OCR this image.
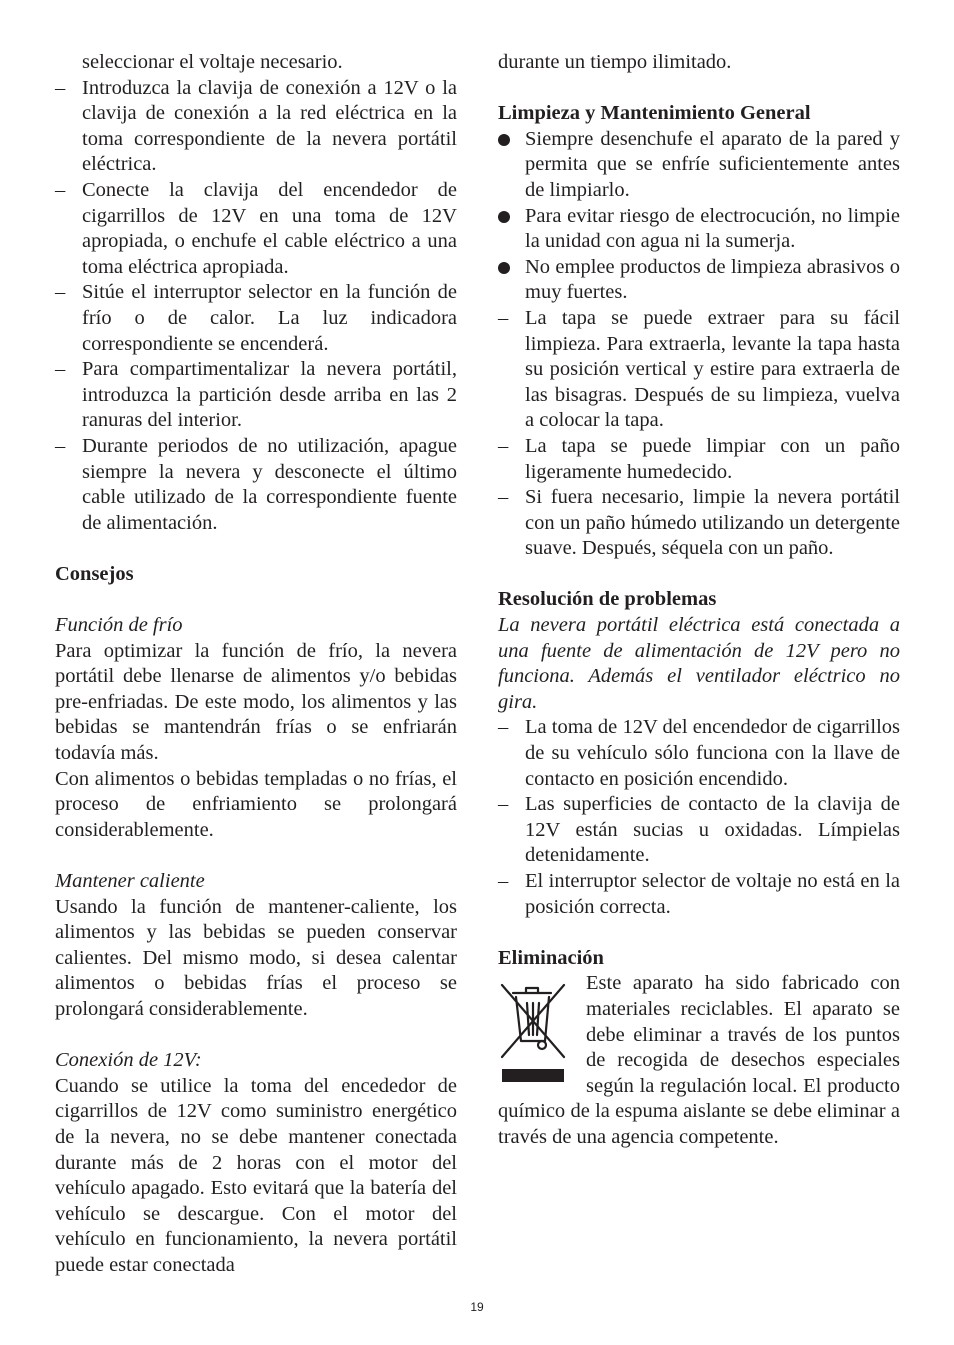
seleccionar el voltaje necesario.

– Introduzca la clavija de conexión a 12V o la clavija de conexión a la red eléctrica en la toma correspondiente de la nevera portátil eléctrica.
– Conecte la clavija del encendedor de cigarrillos de 12V en una toma de 12V apropiada, o enchufe el cable eléctrico a una toma eléctrica apropiada.
– Sitúe el interruptor selector en la función de frío o de calor. La luz indicadora correspondiente se encenderá.
– Para compartimentalizar la nevera portátil, introduzca la partición desde arriba en las 2 ranuras del interior.
– Durante periodos de no utilización, apague siempre la nevera y desconecte el último cable utilizado de la correspondiente fuente de alimentación.

Consejos

Función de frío

Para optimizar la función de frío, la nevera portátil debe llenarse de alimentos y/o bebidas pre-enfriadas. De este modo, los alimentos y las bebidas se mantendrán frías o se enfriarán todavía más.

Con alimentos o bebidas templadas o no frías, el proceso de enfriamiento se prolongará considerablemente.

Mantener caliente

Usando la función de mantener-caliente, los alimentos y las bebidas se pueden conservar calientes. Del mismo modo, si desea calentar alimentos o bebidas frías el proceso se prolongará considerablemente.

Conexión de 12V:

Cuando se utilice la toma del encededor de cigarrillos de 12V como suministro energético de la nevera, no se debe mantener conectada durante más de 2 horas con el motor del vehículo apagado. Esto evitará que la batería del vehículo se descargue. Con el motor del vehículo en funcionamiento, la nevera portátil puede estar conectada

durante un tiempo ilimitado.

Limpieza y Mantenimiento General

Siempre desenchufe el aparato de la pared y permita que se enfríe suficientemente antes de limpiarlo.
Para evitar riesgo de electrocución, no limpie la unidad con agua ni la sumerja.
No emplee productos de limpieza abrasivos o muy fuertes.
– La tapa se puede extraer para su fácil limpieza. Para extraerla, levante la tapa hasta su posición vertical y estire para extraerla de las bisagras. Después de su limpieza, vuelva a colocar la tapa.
– La tapa se puede limpiar con un paño ligeramente humedecido.
– Si fuera necesario, limpie la nevera portátil con un paño húmedo utilizando un detergente suave. Después, séquela con un paño.

Resolución de problemas

La nevera portátil eléctrica está conectada a una fuente de alimentación de 12V pero no funciona. Además el ventilador eléctrico no gira.

– La toma de 12V del encendedor de cigarrillos de su vehículo sólo funciona con la llave de contacto en posición encendido.
– Las superficies de contacto de la clavija de 12V están sucias u oxidadas. Límpielas detenidamente.
– El interruptor selector de voltaje no está en la posición correcta.

Eliminación

Este aparato ha sido fabricado con materiales reciclables. El aparato se debe eliminar a través de los puntos de recogida de desechos especiales según la regulación local. El producto químico de la espuma aislante se debe eliminar a través de una agencia competente.

19
